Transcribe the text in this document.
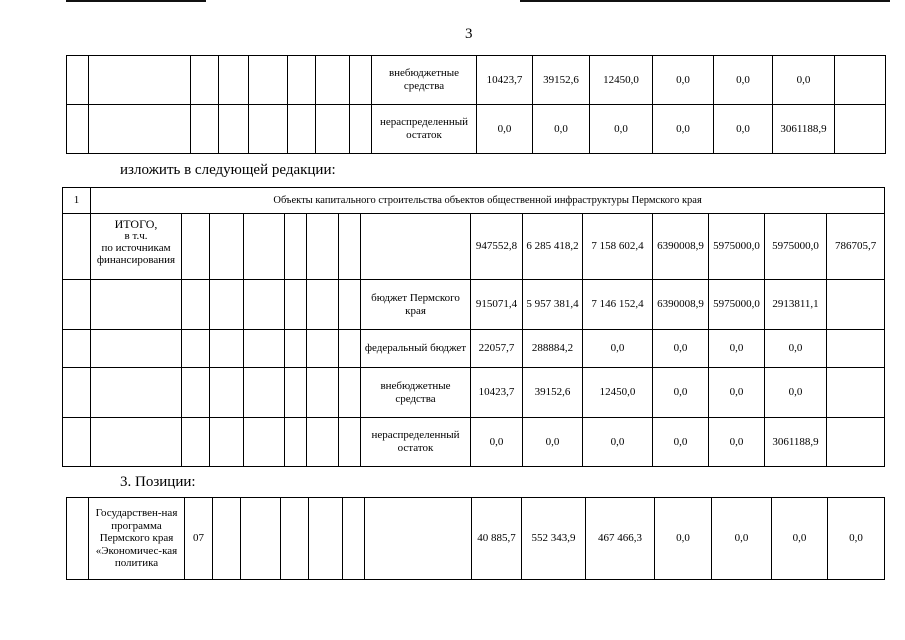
3
								внебюджетные средства	10423,7	39152,6	12450,0	0,0	0,0	0,0	
								нераспределенный остаток	0,0	0,0	0,0	0,0	0,0	3061188,9	
изложить в следующей редакции:
1	Объекты капитального строительства объектов общественной инфраструктуры Пермского края														

	ИТОГО,
в т.ч.
по источникам финансирования								947552,8	6 285 418,2	7 158 602,4	6390008,9	5975000,0	5975000,0	786705,7
								бюджет Пермского края	915071,4	5 957 381,4	7 146 152,4	6390008,9	5975000,0	2913811,1	
								федеральный бюджет	22057,7	288884,2	0,0	0,0	0,0	0,0	
								внебюджетные средства	10423,7	39152,6	12450,0	0,0	0,0	0,0	
								нераспределенный остаток	0,0	0,0	0,0	0,0	0,0	3061188,9	
3. Позиции:
	Государствен-ная программа Пермского края «Экономичес-кая политика	07							40 885,7	552 343,9	467 466,3	0,0	0,0	0,0	0,0
